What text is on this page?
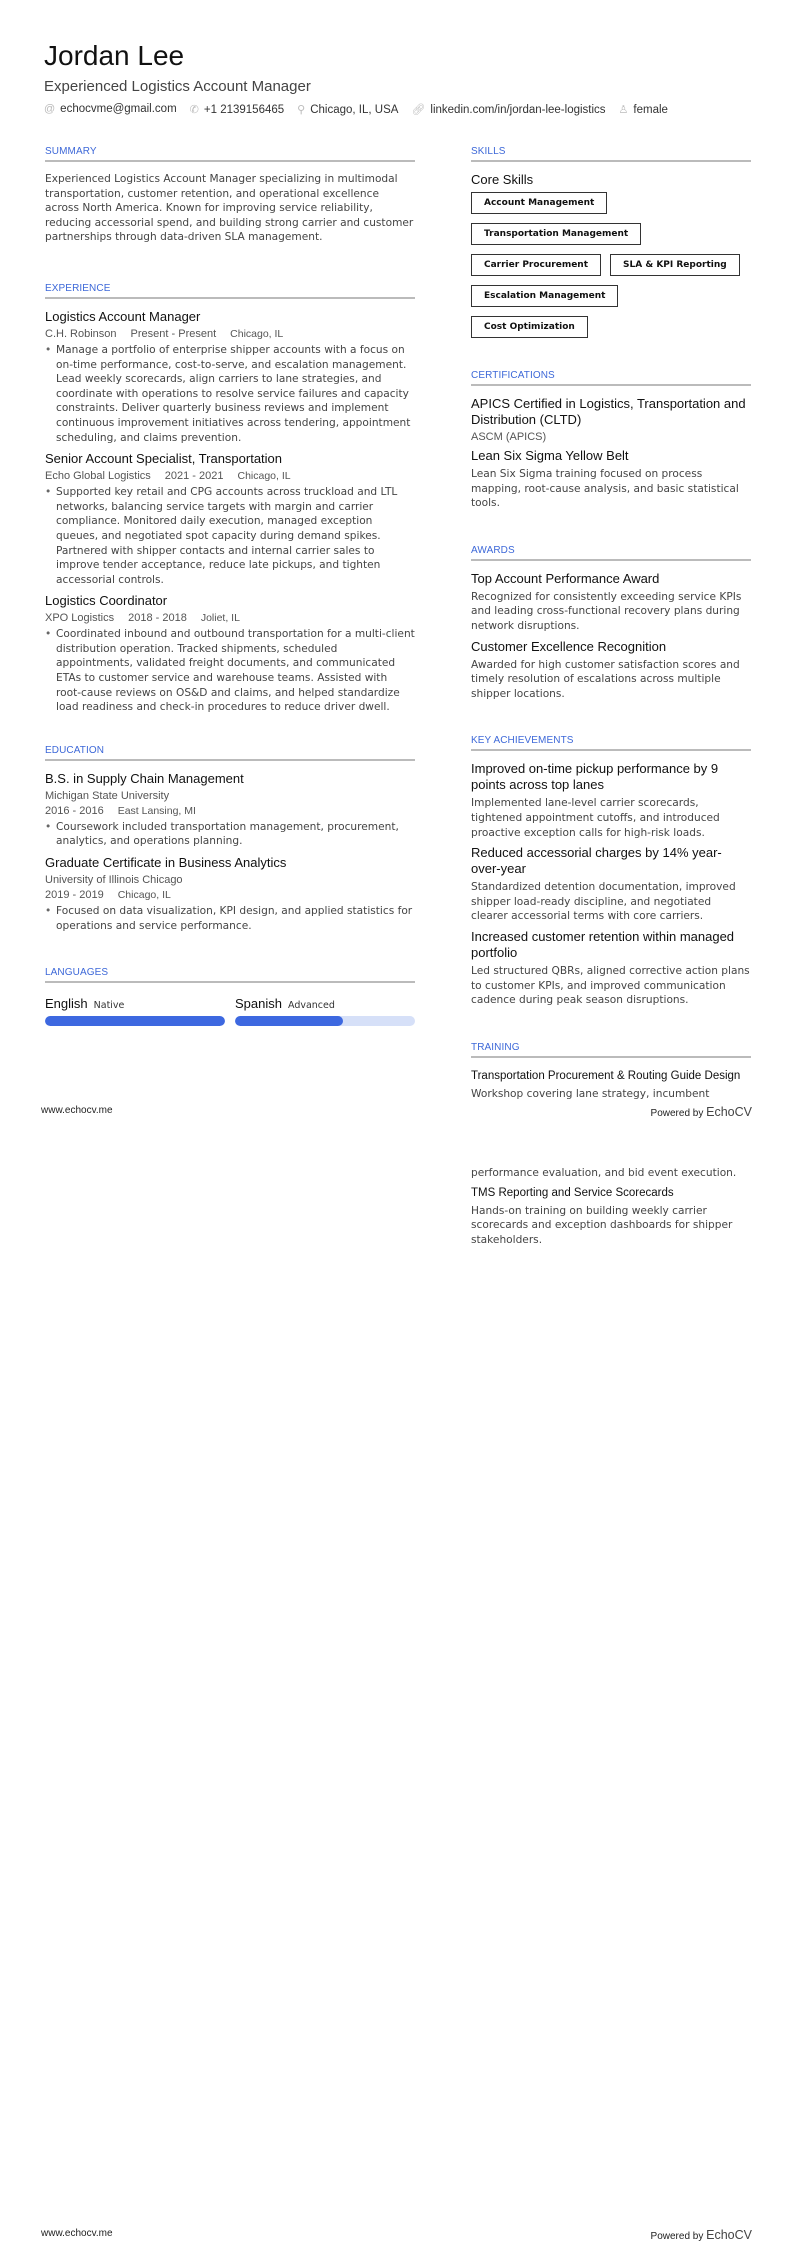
Jordan Lee
Experienced Logistics Account Manager
@ echocvme@gmail.com ✆ +1 2139156465 ⚲ Chicago, IL, USA 🔗︎ linkedin.com/in/jordan-lee-logistics ♙ female
SUMMARY

Experienced Logistics Account Manager specializing in multimodal transportation, customer retention, and operational excellence across North America. Known for improving service reliability, reducing accessorial spend, and building strong carrier and customer partnerships through data-driven SLA management.

EXPERIENCE
Logistics Account Manager
C.H. Robinson Present - Present Chicago, IL
• Manage a portfolio of enterprise shipper accounts with a focus on on-time performance, cost-to-serve, and escalation management. Lead weekly scorecards, align carriers to lane strategies, and coordinate with operations to resolve service failures and capacity constraints. Deliver quarterly business reviews and implement continuous improvement initiatives across tendering, appointment scheduling, and claims prevention.
Senior Account Specialist, Transportation
Echo Global Logistics 2021 - 2021 Chicago, IL
• Supported key retail and CPG accounts across truckload and LTL networks, balancing service targets with margin and carrier compliance. Monitored daily execution, managed exception queues, and negotiated spot capacity during demand spikes. Partnered with shipper contacts and internal carrier sales to improve tender acceptance, reduce late pickups, and tighten accessorial controls.
Logistics Coordinator
XPO Logistics 2018 - 2018 Joliet, IL
• Coordinated inbound and outbound transportation for a multi-client distribution operation. Tracked shipments, scheduled appointments, validated freight documents, and communicated ETAs to customer service and warehouse teams. Assisted with root-cause reviews on OS&D and claims, and helped standardize load readiness and check-in procedures to reduce driver dwell.
EDUCATION
B.S. in Supply Chain Management
Michigan State University
2016 - 2016 East Lansing, MI
• Coursework included transportation management, procurement, analytics, and operations planning.
Graduate Certificate in Business Analytics
University of Illinois Chicago
2019 - 2019 Chicago, IL
• Focused on data visualization, KPI design, and applied statistics for operations and service performance.
LANGUAGES
English Native	Spanish Advanced
SKILLS
Core Skills
Account Management
Transportation Management
Carrier Procurement	SLA & KPI Reporting
Escalation Management
Cost Optimization
CERTIFICATIONS
APICS Certified in Logistics, Transportation and Distribution (CLTD)
ASCM (APICS)
Lean Six Sigma Yellow Belt

Lean Six Sigma training focused on process mapping, root-cause analysis, and basic statistical tools.

AWARDS
Top Account Performance Award

Recognized for consistently exceeding service KPIs and leading cross-functional recovery plans during network disruptions.

Customer Excellence Recognition

Awarded for high customer satisfaction scores and timely resolution of escalations across multiple shipper locations.

KEY ACHIEVEMENTS
Improved on-time pickup performance by 9 points across top lanes

Implemented lane-level carrier scorecards, tightened appointment cutoffs, and introduced proactive exception calls for high-risk loads.

Reduced accessorial charges by 14% year-over-year

Standardized detention documentation, improved shipper load-ready discipline, and negotiated clearer accessorial terms with core carriers.

Increased customer retention within managed portfolio

Led structured QBRs, aligned corrective action plans to customer KPIs, and improved communication cadence during peak season disruptions.

TRAINING
Transportation Procurement & Routing Guide Design

Workshop covering lane strategy, incumbent

www.echocv.me	Powered by EchoCV

performance evaluation, and bid event execution.

TMS Reporting and Service Scorecards

Hands-on training on building weekly carrier scorecards and exception dashboards for shipper stakeholders.

www.echocv.me	Powered by EchoCV
